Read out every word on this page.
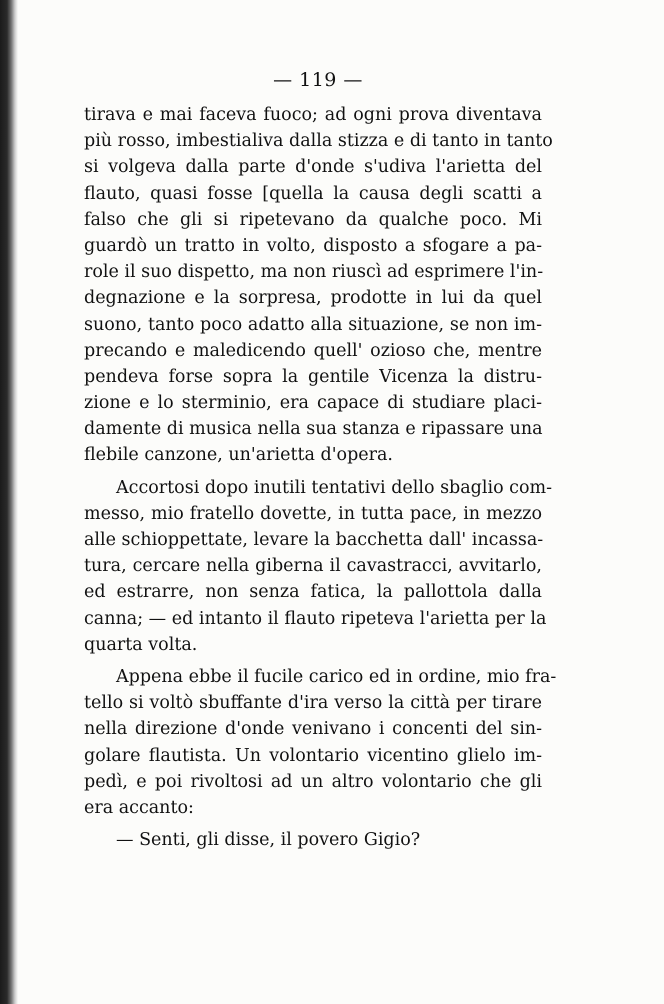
— 119 —

tirava e mai faceva fuoco; ad ogni prova diventava
più rosso, imbestialiva dalla stizza e di tanto in tanto
si volgeva dalla parte d'onde s'udiva l'arietta del
flauto, quasi fosse [quella la causa degli scatti a
falso che gli si ripetevano da qualche poco. Mi
guardò un tratto in volto, disposto a sfogare a pa-
role il suo dispetto, ma non riuscì ad esprimere l'in-
degnazione e la sorpresa, prodotte in lui da quel
suono, tanto poco adatto alla situazione, se non im-
precando e maledicendo quell' ozioso che, mentre
pendeva forse sopra la gentile Vicenza la distru-
zione e lo sterminio, era capace di studiare placi-
damente di musica nella sua stanza e ripassare una
flebile canzone, un'arietta d'opera.

Accortosi dopo inutili tentativi dello sbaglio com-
messo, mio fratello dovette, in tutta pace, in mezzo
alle schioppettate, levare la bacchetta dall' incassa-
tura, cercare nella giberna il cavastracci, avvitarlo,
ed estrarre, non senza fatica, la pallottola dalla
canna; — ed intanto il flauto ripeteva l'arietta per la
quarta volta.

Appena ebbe il fucile carico ed in ordine, mio fra-
tello si voltò sbuffante d'ira verso la città per tirare
nella direzione d'onde venivano i concenti del sin-
golare flautista. Un volontario vicentino glielo im-
pedì, e poi rivoltosi ad un altro volontario che gli
era accanto:

— Senti, gli disse, il povero Gigio?
